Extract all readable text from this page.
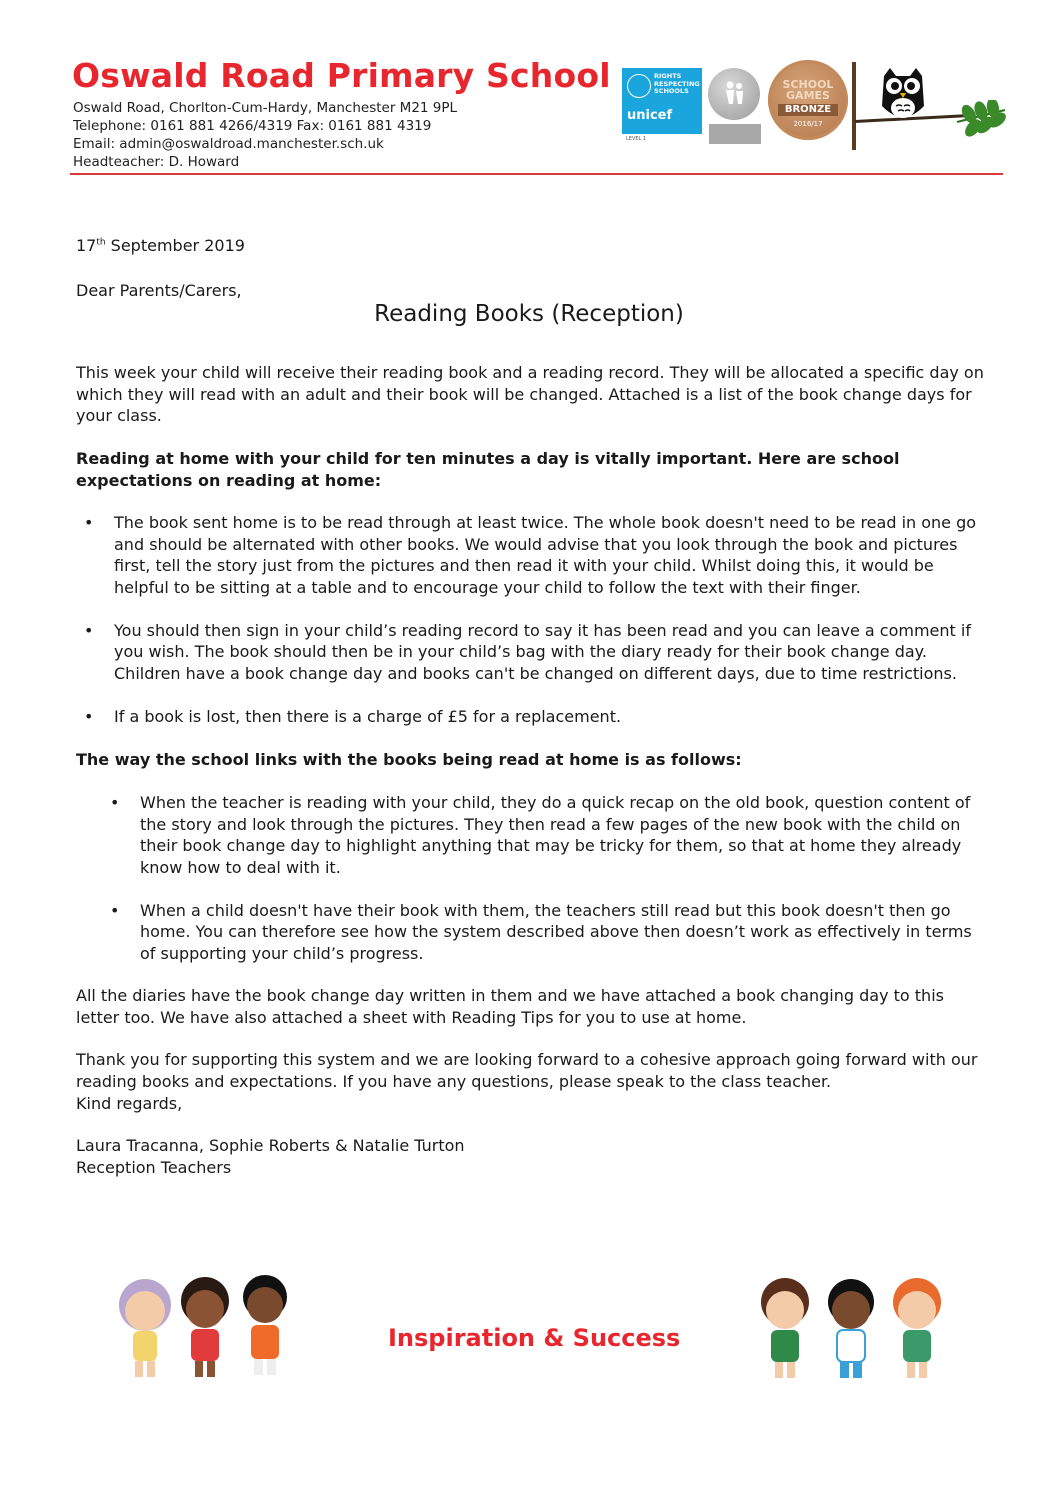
Oswald Road Primary School
Oswald Road, Chorlton-Cum-Hardy, Manchester M21 9PL
Telephone: 0161 881 4266/4319 Fax: 0161 881 4319
Email: admin@oswaldroad.manchester.sch.uk
Headteacher: D. Howard
RIGHTS RESPECTING SCHOOLS
unicef
LEVEL 1
SCHOOL
GAMES
BRONZE
2016/17
17th September 2019
Dear Parents/Carers,
Reading Books (Reception)

This week your child will receive their reading book and a reading record. They will be allocated a specific day on which they will read with an adult and their book will be changed. Attached is a list of the book change days for your class.

Reading at home with your child for ten minutes a day is vitally important. Here are school expectations on reading at home:

• The book sent home is to be read through at least twice. The whole book doesn't need to be read in one go and should be alternated with other books. We would advise that you look through the book and pictures first, tell the story just from the pictures and then read it with your child. Whilst doing this, it would be helpful to be sitting at a table and to encourage your child to follow the text with their finger.
• You should then sign in your child’s reading record to say it has been read and you can leave a comment if you wish. The book should then be in your child’s bag with the diary ready for their book change day. Children have a book change day and books can't be changed on different days, due to time restrictions.
• If a book is lost, then there is a charge of £5 for a replacement.

The way the school links with the books being read at home is as follows:

• When the teacher is reading with your child, they do a quick recap on the old book, question content of the story and look through the pictures. They then read a few pages of the new book with the child on their book change day to highlight anything that may be tricky for them, so that at home they already know how to deal with it.
• When a child doesn't have their book with them, the teachers still read but this book doesn't then go home. You can therefore see how the system described above then doesn’t work as effectively in terms of supporting your child’s progress.

All the diaries have the book change day written in them and we have attached a book changing day to this letter too. We have also attached a sheet with Reading Tips for you to use at home.

Thank you for supporting this system and we are looking forward to a cohesive approach going forward with our reading books and expectations. If you have any questions, please speak to the class teacher.

Kind regards,
Laura Tracanna, Sophie Roberts & Natalie Turton
Reception Teachers
Inspiration & Success
